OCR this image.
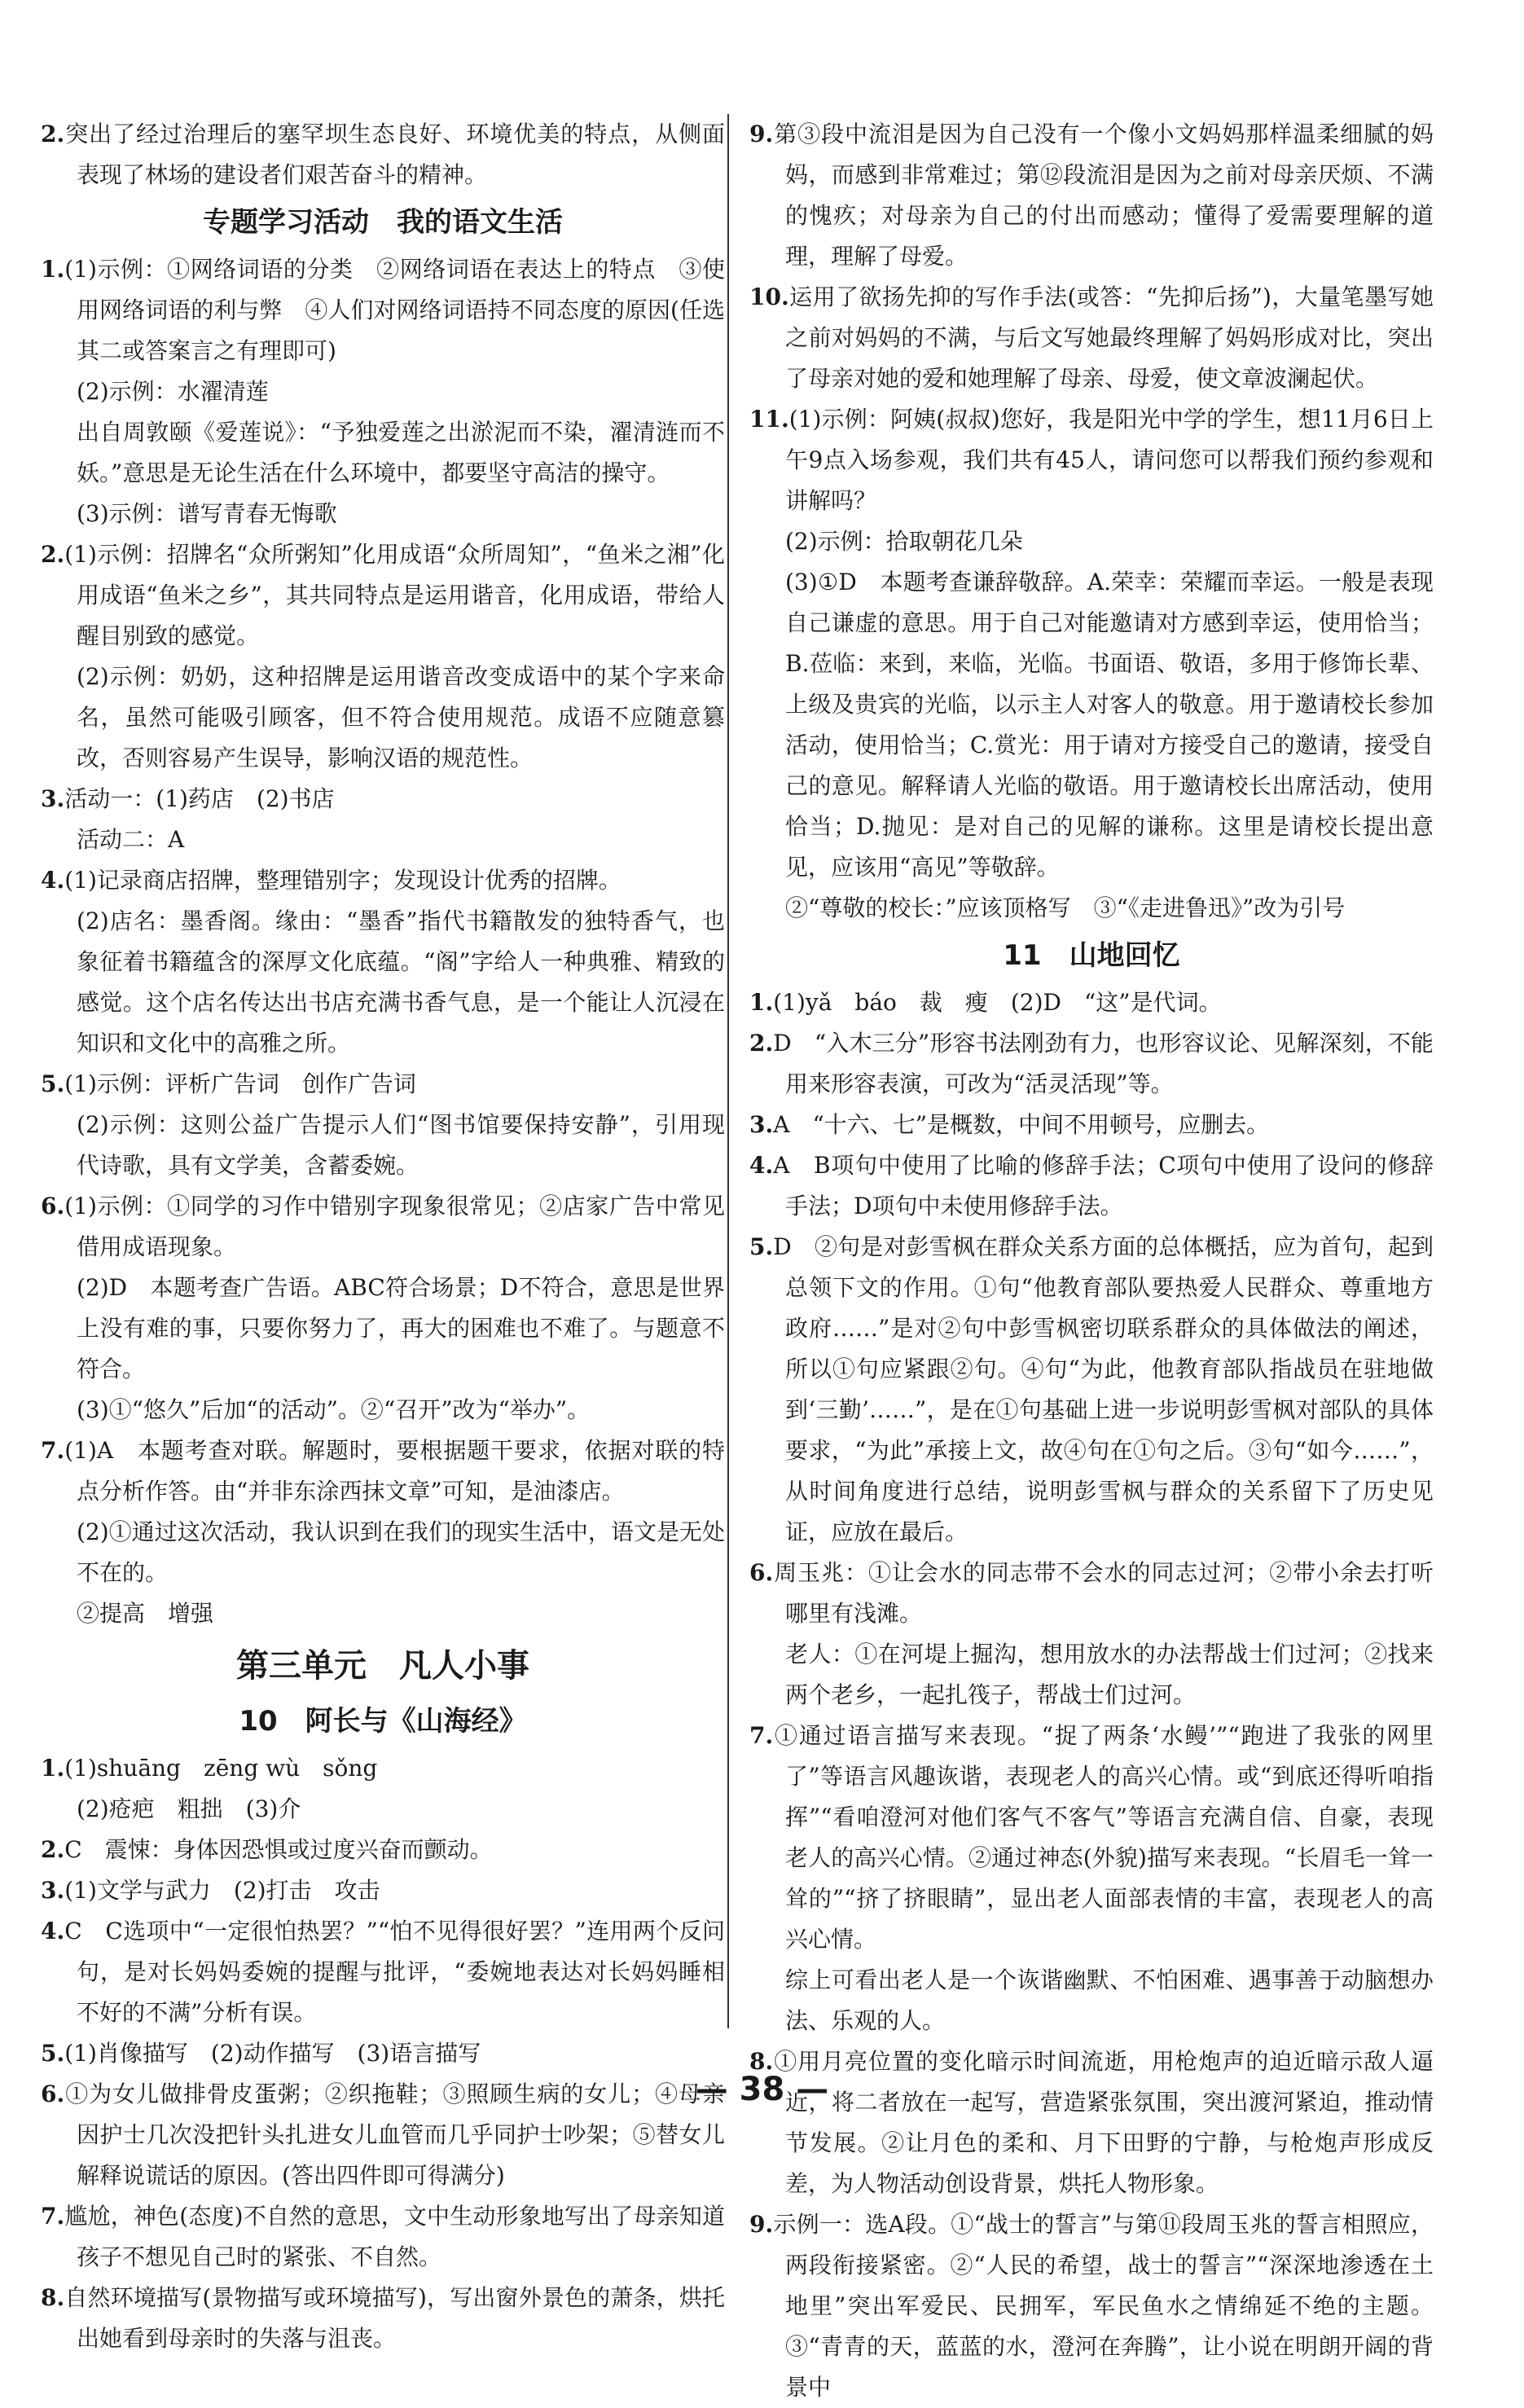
2.突出了经过治理后的塞罕坝生态良好、环境优美的特点，从侧面表现了林场的建设者们艰苦奋斗的精神。
专题学习活动　我的语文生活
1.(1)示例：①网络词语的分类　②网络词语在表达上的特点　③使用网络词语的利与弊　④人们对网络词语持不同态度的原因(任选其二或答案言之有理即可)
(2)示例：水濯清莲
出自周敦颐《爱莲说》：“予独爱莲之出淤泥而不染，濯清涟而不妖。”意思是无论生活在什么环境中，都要坚守高洁的操守。
(3)示例：谱写青春无悔歌
2.(1)示例：招牌名“众所粥知”化用成语“众所周知”，“鱼米之湘”化用成语“鱼米之乡”，其共同特点是运用谐音，化用成语，带给人醒目别致的感觉。
(2)示例：奶奶，这种招牌是运用谐音改变成语中的某个字来命名，虽然可能吸引顾客，但不符合使用规范。成语不应随意篡改，否则容易产生误导，影响汉语的规范性。
3.活动一：(1)药店　(2)书店
活动二：A
4.(1)记录商店招牌，整理错别字；发现设计优秀的招牌。
(2)店名：墨香阁。缘由：“墨香”指代书籍散发的独特香气，也象征着书籍蕴含的深厚文化底蕴。“阁”字给人一种典雅、精致的感觉。这个店名传达出书店充满书香气息，是一个能让人沉浸在知识和文化中的高雅之所。
5.(1)示例：评析广告词　创作广告词
(2)示例：这则公益广告提示人们“图书馆要保持安静”，引用现代诗歌，具有文学美，含蓄委婉。
6.(1)示例：①同学的习作中错别字现象很常见；②店家广告中常见借用成语现象。
(2)D　本题考查广告语。ABC符合场景；D不符合，意思是世界上没有难的事，只要你努力了，再大的困难也不难了。与题意不符合。
(3)①“悠久”后加“的活动”。②“召开”改为“举办”。
7.(1)A　本题考查对联。解题时，要根据题干要求，依据对联的特点分析作答。由“并非东涂西抹文章”可知，是油漆店。
(2)①通过这次活动，我认识到在我们的现实生活中，语文是无处不在的。
②提高　增强
第三单元　凡人小事
10　阿长与《山海经》
1.(1)shuāng　zēng wù　sǒng
(2)疮疤　粗拙　(3)介
2.C　震悚：身体因恐惧或过度兴奋而颤动。
3.(1)文学与武力　(2)打击　攻击
4.C　C选项中“一定很怕热罢？”“怕不见得很好罢？”连用两个反问句，是对长妈妈委婉的提醒与批评，“委婉地表达对长妈妈睡相不好的不满”分析有误。
5.(1)肖像描写　(2)动作描写　(3)语言描写
6.①为女儿做排骨皮蛋粥；②织拖鞋；③照顾生病的女儿；④母亲因护士几次没把针头扎进女儿血管而几乎同护士吵架；⑤替女儿解释说谎话的原因。(答出四件即可得满分)
7.尴尬，神色(态度)不自然的意思，文中生动形象地写出了母亲知道孩子不想见自己时的紧张、不自然。
8.自然环境描写(景物描写或环境描写)，写出窗外景色的萧条，烘托出她看到母亲时的失落与沮丧。
9.第③段中流泪是因为自己没有一个像小文妈妈那样温柔细腻的妈妈，而感到非常难过；第⑫段流泪是因为之前对母亲厌烦、不满的愧疚；对母亲为自己的付出而感动；懂得了爱需要理解的道理，理解了母爱。
10.运用了欲扬先抑的写作手法(或答：“先抑后扬”)，大量笔墨写她之前对妈妈的不满，与后文写她最终理解了妈妈形成对比，突出了母亲对她的爱和她理解了母亲、母爱，使文章波澜起伏。
11.(1)示例：阿姨(叔叔)您好，我是阳光中学的学生，想11月6日上午9点入场参观，我们共有45人，请问您可以帮我们预约参观和讲解吗？
(2)示例：拾取朝花几朵
(3)①D　本题考查谦辞敬辞。A.荣幸：荣耀而幸运。一般是表现自己谦虚的意思。用于自己对能邀请对方感到幸运，使用恰当；B.莅临：来到，来临，光临。书面语、敬语，多用于修饰长辈、上级及贵宾的光临，以示主人对客人的敬意。用于邀请校长参加活动，使用恰当；C.赏光：用于请对方接受自己的邀请，接受自己的意见。解释请人光临的敬语。用于邀请校长出席活动，使用恰当；D.抛见：是对自己的见解的谦称。这里是请校长提出意见，应该用“高见”等敬辞。
②“尊敬的校长：”应该顶格写　③“《走进鲁迅》”改为引号
11　山地回忆
1.(1)yǎ　báo　裁　瘦　(2)D　“这”是代词。
2.D　“入木三分”形容书法刚劲有力，也形容议论、见解深刻，不能用来形容表演，可改为“活灵活现”等。
3.A　“十六、七”是概数，中间不用顿号，应删去。
4.A　B项句中使用了比喻的修辞手法；C项句中使用了设问的修辞手法；D项句中未使用修辞手法。
5.D　②句是对彭雪枫在群众关系方面的总体概括，应为首句，起到总领下文的作用。①句“他教育部队要热爱人民群众、尊重地方政府……”是对②句中彭雪枫密切联系群众的具体做法的阐述，所以①句应紧跟②句。④句“为此，他教育部队指战员在驻地做到‘三勤’……”，是在①句基础上进一步说明彭雪枫对部队的具体要求，“为此”承接上文，故④句在①句之后。③句“如今……”，从时间角度进行总结，说明彭雪枫与群众的关系留下了历史见证，应放在最后。
6.周玉兆：①让会水的同志带不会水的同志过河；②带小余去打听哪里有浅滩。
老人：①在河堤上掘沟，想用放水的办法帮战士们过河；②找来两个老乡，一起扎筏子，帮战士们过河。
7.①通过语言描写来表现。“捉了两条‘水鳗’”“跑进了我张的网里了”等语言风趣诙谐，表现老人的高兴心情。或“到底还得听咱指挥”“看咱澄河对他们客气不客气”等语言充满自信、自豪，表现老人的高兴心情。②通过神态(外貌)描写来表现。“长眉毛一耸一耸的”“挤了挤眼睛”，显出老人面部表情的丰富，表现老人的高兴心情。
综上可看出老人是一个诙谐幽默、不怕困难、遇事善于动脑想办法、乐观的人。
8.①用月亮位置的变化暗示时间流逝，用枪炮声的迫近暗示敌人逼近，将二者放在一起写，营造紧张氛围，突出渡河紧迫，推动情节发展。②让月色的柔和、月下田野的宁静，与枪炮声形成反差，为人物活动创设背景，烘托人物形象。
9.示例一：选A段。①“战士的誓言”与第⑪段周玉兆的誓言相照应，两段衔接紧密。②“人民的希望，战士的誓言”“深深地渗透在土地里”突出军爱民、民拥军，军民鱼水之情绵延不绝的主题。③“青青的天，蓝蓝的水，澄河在奔腾”，让小说在明朗开阔的背景中
— 38 —
